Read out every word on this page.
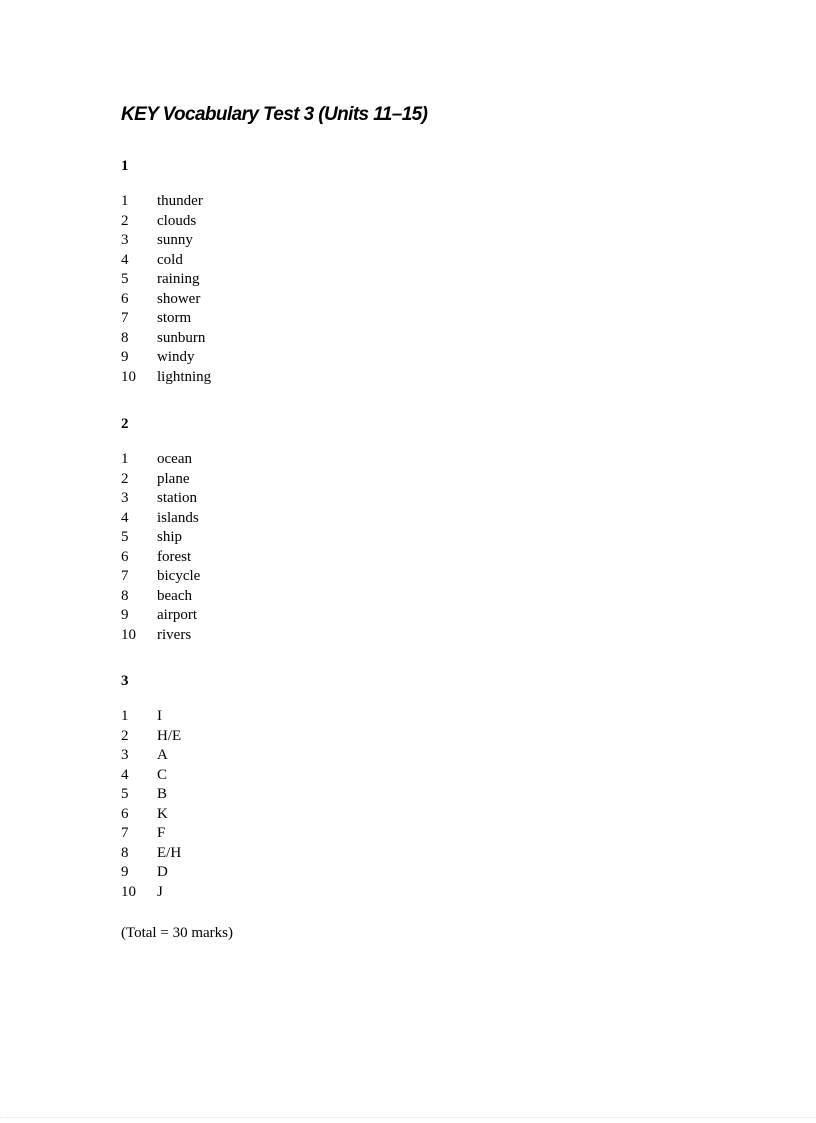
KEY Vocabulary Test 3 (Units 11–15)
1
1	thunder
2	clouds
3	sunny
4	cold
5	raining
6	shower
7	storm
8	sunburn
9	windy
10	lightning
2
1	ocean
2	plane
3	station
4	islands
5	ship
6	forest
7	bicycle
8	beach
9	airport
10	rivers
3
1	I
2	H/E
3	A
4	C
5	B
6	K
7	F
8	E/H
9	D
10	J

(Total = 30 marks)
